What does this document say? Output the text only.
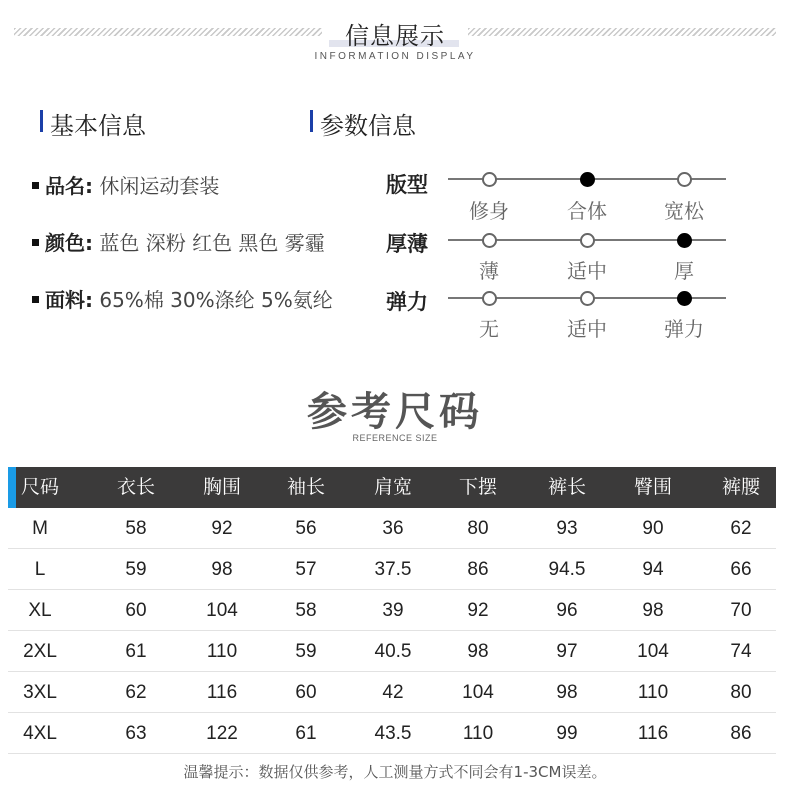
信息展示
INFORMATION DISPLAY
基本信息	参数信息
品名: 休闲运动套装
颜色: 蓝色 深粉 红色 黑色 雾霾
面料: 65%棉 30%涤纶 5%氨纶
版型
修身	合体	宽松
厚薄
薄	适中	厚
弹力
无	适中	弹力
参考尺码
REFERENCE SIZE
尺码	衣长	胸围	袖长	肩宽	下摆	裤长	臀围	裤腰
M	58	92	56	36	80	93	90	62
L	59	98	57	37.5	86	94.5	94	66
XL	60	104	58	39	92	96	98	70
2XL	61	110	59	40.5	98	97	104	74
3XL	62	116	60	42	104	98	110	80
4XL	63	122	61	43.5	110	99	116	86
温馨提示：数据仅供参考，人工测量方式不同会有1-3CM误差。
